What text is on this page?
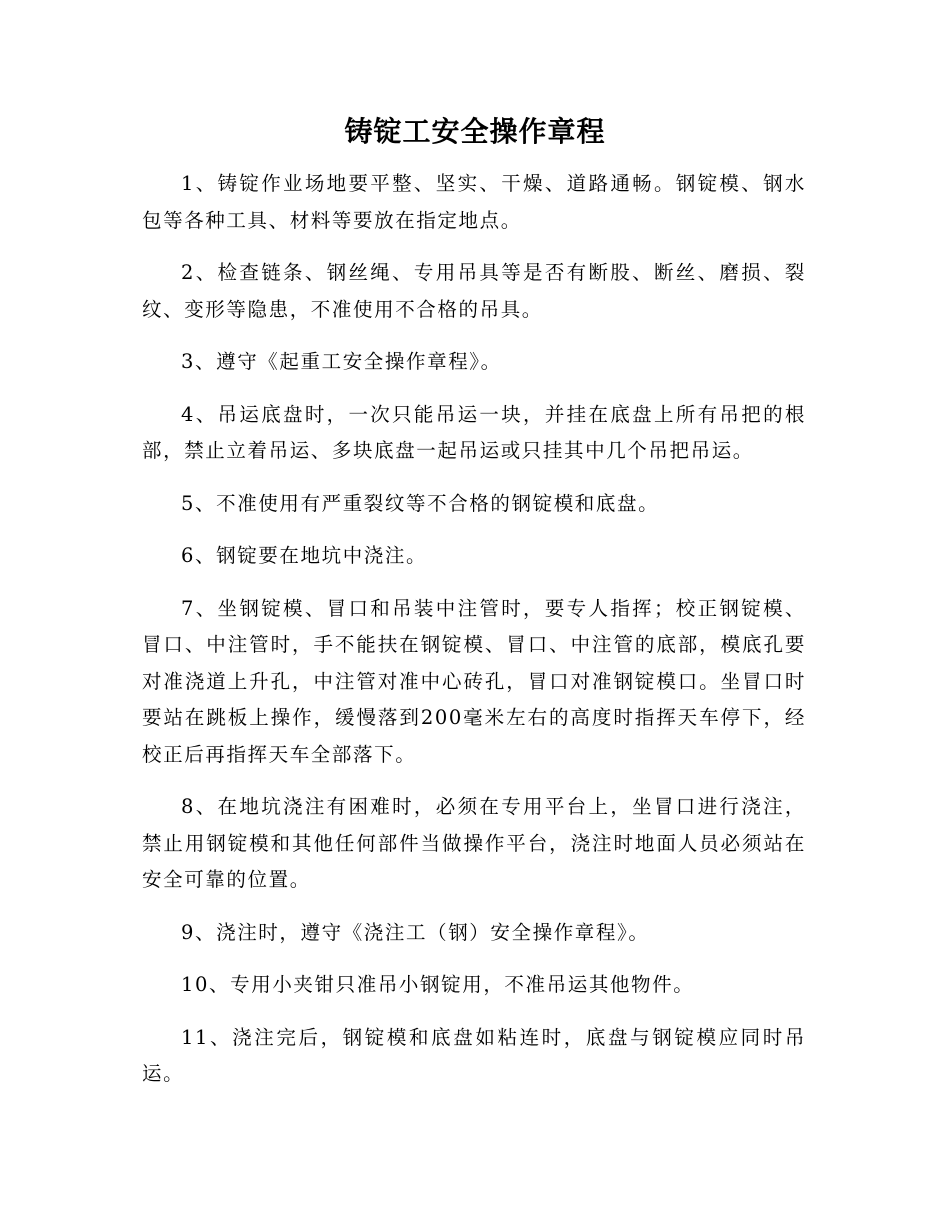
铸锭工安全操作章程

1、铸锭作业场地要平整、坚实、干燥、道路通畅。钢锭模、钢水包等各种工具、材料等要放在指定地点。

2、检查链条、钢丝绳、专用吊具等是否有断股、断丝、磨损、裂纹、变形等隐患，不准使用不合格的吊具。

3、遵守《起重工安全操作章程》。

4、吊运底盘时，一次只能吊运一块，并挂在底盘上所有吊把的根部，禁止立着吊运、多块底盘一起吊运或只挂其中几个吊把吊运。

5、不准使用有严重裂纹等不合格的钢锭模和底盘。

6、钢锭要在地坑中浇注。

7、坐钢锭模、冒口和吊装中注管时，要专人指挥；校正钢锭模、冒口、中注管时，手不能扶在钢锭模、冒口、中注管的底部，模底孔要对准浇道上升孔，中注管对准中心砖孔，冒口对准钢锭模口。坐冒口时要站在跳板上操作，缓慢落到200毫米左右的高度时指挥天车停下，经校正后再指挥天车全部落下。

8、在地坑浇注有困难时，必须在专用平台上，坐冒口进行浇注，禁止用钢锭模和其他任何部件当做操作平台，浇注时地面人员必须站在安全可靠的位置。

9、浇注时，遵守《浇注工（钢）安全操作章程》。

10、专用小夹钳只准吊小钢锭用，不准吊运其他物件。

11、浇注完后，钢锭模和底盘如粘连时，底盘与钢锭模应同时吊运。
